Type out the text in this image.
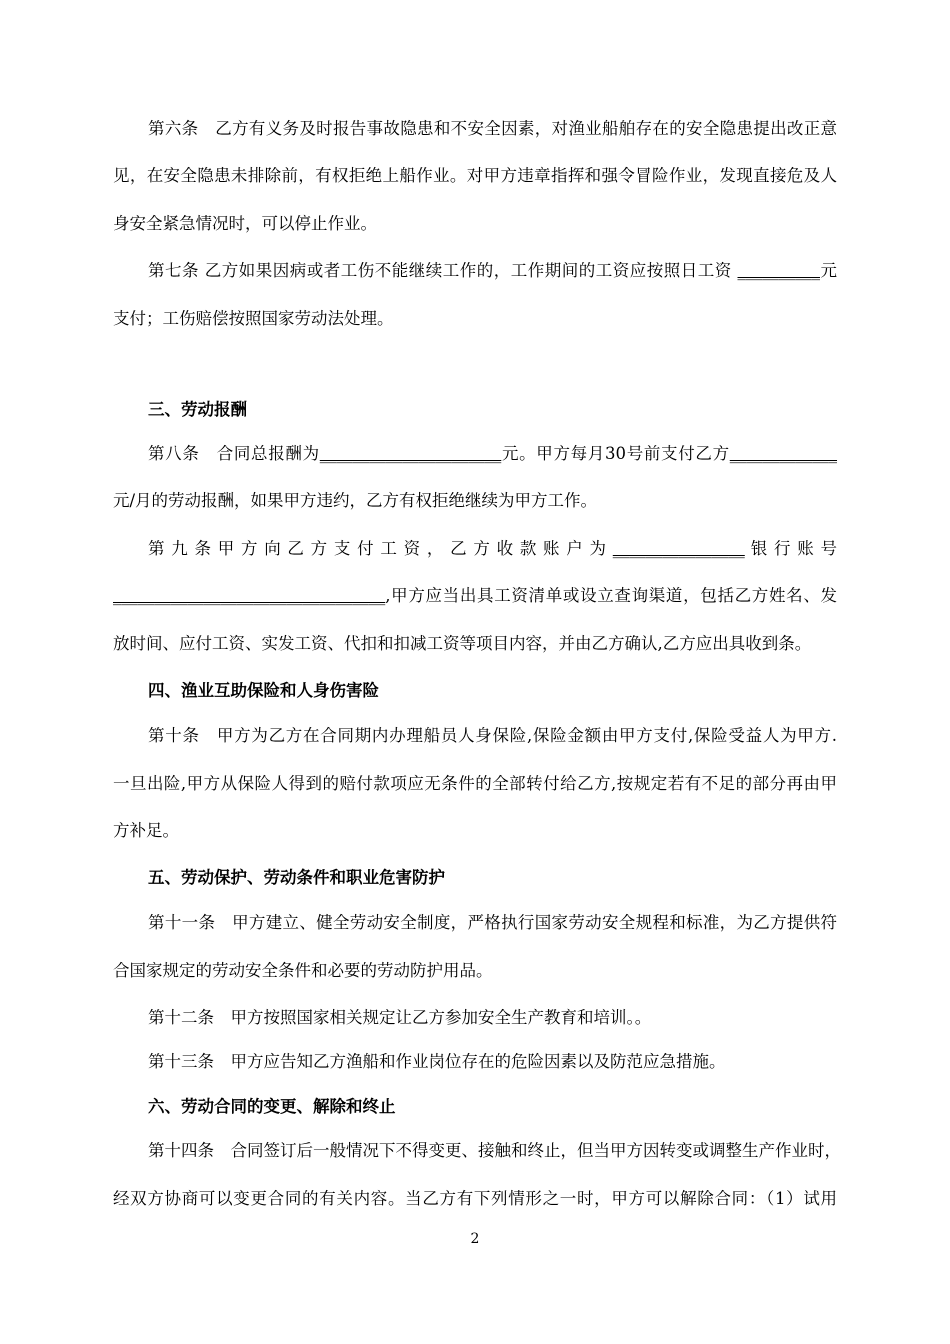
第六条　乙方有义务及时报告事故隐患和不安全因素，对渔业船舶存在的安全隐患提出改正意
见，在安全隐患未排除前，有权拒绝上船作业。对甲方违章指挥和强令冒险作业，发现直接危及人
身安全紧急情况时，可以停止作业。
第七条 乙方如果因病或者工伤不能继续工作的，工作期间的工资应按照日工资 __________元
支付；工伤赔偿按照国家劳动法处理。
三、劳动报酬
第八条　合同总报酬为______________________元。甲方每月30号前支付乙方_____________
元/月的劳动报酬，如果甲方违约，乙方有权拒绝继续为甲方工作。
第 九 条 甲 方 向 乙 方 支 付 工 资 ， 乙 方 收 款 账 户 为 ________________ 银 行 账 号
_________________________________,甲方应当出具工资清单或设立查询渠道，包括乙方姓名、发
放时间、应付工资、实发工资、代扣和扣减工资等项目内容，并由乙方确认,乙方应出具收到条。
四、渔业互助保险和人身伤害险
第十条　甲方为乙方在合同期内办理船员人身保险,保险金额由甲方支付,保险受益人为甲方.
一旦出险,甲方从保险人得到的赔付款项应无条件的全部转付给乙方,按规定若有不足的部分再由甲
方补足。
五、劳动保护、劳动条件和职业危害防护
第十一条　甲方建立、健全劳动安全制度，严格执行国家劳动安全规程和标准，为乙方提供符
合国家规定的劳动安全条件和必要的劳动防护用品。
第十二条　甲方按照国家相关规定让乙方参加安全生产教育和培训。。
第十三条　甲方应告知乙方渔船和作业岗位存在的危险因素以及防范应急措施。
六、劳动合同的变更、解除和终止
第十四条　合同签订后一般情况下不得变更、接触和终止，但当甲方因转变或调整生产作业时，
经双方协商可以变更合同的有关内容。当乙方有下列情形之一时，甲方可以解除合同：（1）试用
2
